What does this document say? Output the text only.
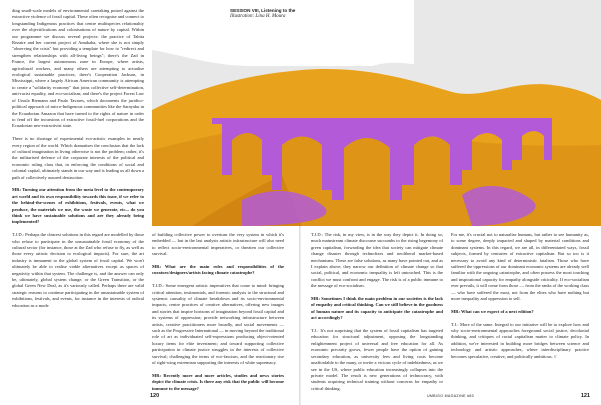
ding small-scale models of environmental caretaking poised against the extractive violence of fossil capital. These often recognise and connect to longstanding Indigenous practices that centre multispecies relationality over the objectifications and colonisations of nature by capital. Within our programme we discuss several projects: the practice of Tabita Rezaire and her current project of Amakaba, where she is not simply "observing the crisis" but providing a template for how to "redirect and strengthen relationships with all-living beings"; there's the Zad in France, the largest autonomous zone in Europe, where artists, agricultural workers, and many others are attempting to actualise ecological sustainable practices; there's Cooperation Jackson, in Mississippi, where a largely African American community is attempting to create a "solidarity economy" that joins collective self-determination, anti-racist equality, and eco-socialism; and there's the project Forest Law of Ursula Biemann and Paulo Tavares, which documents the juridico-political approach of micro-Indigenous communities like the Sarayaku in the Ecuadorian Amazon that have turned to the rights of nature in order to fend off the incursions of extractive fossil-fuel corporations and the Ecuadorian neo-extractivist state.

There is no shortage of experimental eco-artistic examples in nearly every region of the world. Which dramatises the conclusion that the lack of cultural imagination in living otherwise is not the problem; rather, it's the militarised defence of the corporate interests of the political and economic ruling class that, in enforcing the conditions of social and colonial capital, ultimately stands in our way and is leading us all down a path of collectively assured destruction.

MR: Turning our attention from the meta level to the contemporary art world and its own responsibility towards this issue, if we refer to the behind-the-scenes of exhibitions, festivals, events, what we produce, the materials we use, the waste we generate, etc... do you think we have sustainable solutions and are they already being implemented?

T.J.D.: Perhaps the clearest solutions in this regard are modelled by those who refuse to participate in the unsustainable fossil economy of the cultural sector (for instance, those at the Zad who refuse to fly, as well as those every artistic decision to ecological impacts). For sure, the art industry is immanent to the global system of fossil capital. We won't ultimately be able to realise viable alternatives except as spaces of negativity within that system. The challenge is, and the answer can only be, ultimately, global system change, or the Green Transition, or the global Green New Deal, as it's variously called. Perhaps there are valid strategic reasons to continue participating in the unsustainable system of exhibitions, festivals, and events, for instance in the interests of radical education as a mode

of building collective power to overturn the very system in which it's embedded — but in the last analysis artistic infrastructure will also need to reflect socio-environmental imperatives, or threaten our collective survival.

MR: What are the main roles and responsibilities of the curators/designers/artists facing climate catastrophe?

T.J.D.: Some emergent artistic imperatives that come to mind: bringing critical attention, testimonials, and forensic analysis to the structural and systemic causality of climate breakdown and its socio-environmental impacts, centre practices of creative alternatives, offering new images and stories that inspire horizons of imagination beyond fossil capital and its systems of oppression; provide networking infrastructure between artists, creative practitioners more broadly, and social movements — such as the Progressive International — in moving beyond the traditional role of art as individuated self-expressions producing object-oriented luxury items for elite investment; and toward supporting collective participation in climate justice struggles in the interests of collective survival; challenging the terms of eco-fascism, and the reactionary rise of right-wing extremism supporting the interests of white supremacy.

MR: Recently more and more articles, studies and news stories depict the climate crisis. Is there any risk that the public will become immune to the message?

120
SESSION VIII, Listening to the
Illustration: Lina H. Moura

T.J.D.: The risk, in my view, is in the way they depict it. In doing so, much mainstream climate discourse succumbs to the rising hegemony of green capitalism, forwarding the idea that society can mitigate climate change disaster through technofixes and neoliberal market-based mechanisms. These are false solutions, as many have pointed out, and as I explain above; they narrow our definition of climate change so that social, political, and economic inequality is left untouched. This is the conflict we must confront and engage. The risk is of a public immune to the message of eco-socialism.

MR: Sometimes I think the main problem in our societies is the lack of empathy and critical thinking. Can we still believe in the goodness of human nature and its capacity to anticipate the catastrophe and act accordingly?

T.J.: It's not surprising that the system of fossil capitalism has targeted education for structural adjustment, opposing the longstanding enlightenment project of universal and free education for all. As economic precarity grows, fewer people have the option of gaining secondary education, as university fees and living costs become unaffordable to the many, or invite a vicious cycle of indebtedness, as we see in the US, where public education increasingly collapses into the private model. The result is new generations of technocracy, with students acquiring technical training without concerns for empathy or critical thinking.

For me, it's crucial not to naturalise humans, but rather to see humanity as, to some degree, deeply impacted and shaped by material conditions and dominant systems. In this regard, we are all, in differentiated ways, fossil subjects, formed by centuries of extractive capitalism. But so too is it necessary to avoid any kind of deterministic fatalism. Those who have suffered the oppressions of our dominant economic systems are already well familiar with the ongoing catastrophe, and often possess the most touching and inspirational capacity for empathy alongside criticality. If eco-socialism ever prevails, it will come from those — from the ranks of the working class — who have suffered the most, not from the elites who have nothing but more inequality and oppression to sell.

MR: What can we expect of a next edition?

T.J.: More of the same. Integral to our initiative will be to explore how and why socio-environmental approaches foreground social justice, decolonial thinking, and critiques of racial capitalism matter to climate policy. In addition, we're interested in building more bridges between science and technology and artistic approaches, where interdisciplinary practice becomes speculative, creative, and politically ambitious. //

UMBIGO MAGAZINE #80	121
